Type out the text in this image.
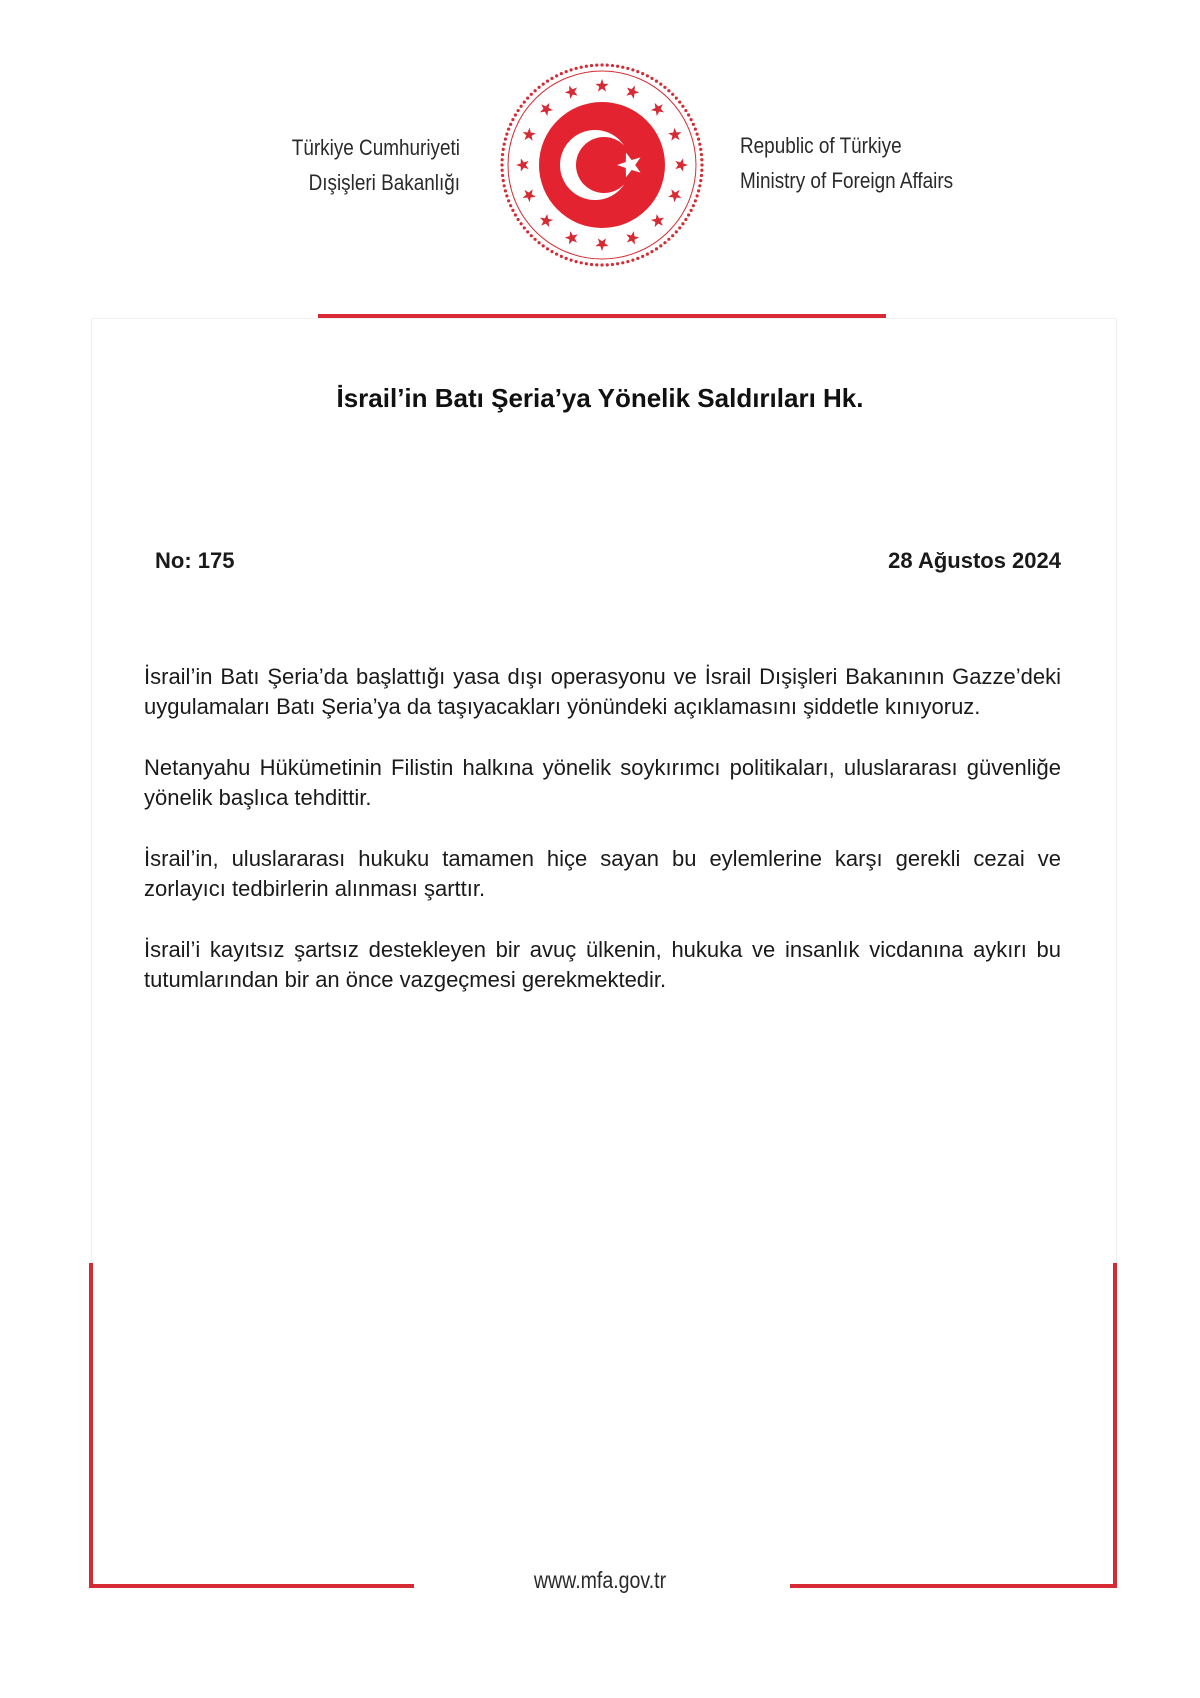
Türkiye Cumhuriyeti
Dışişleri Bakanlığı
Republic of Türkiye
Ministry of Foreign Affairs
İsrail’in Batı Şeria’ya Yönelik Saldırıları Hk.
No: 175	28 Ağustos 2024

İsrail’in Batı Şeria’da başlattığı yasa dışı operasyonu ve İsrail Dışişleri Bakanının Gazze’deki uygulamaları Batı Şeria’ya da taşıyacakları yönündeki açıklamasını şiddetle kınıyoruz.

Netanyahu Hükümetinin Filistin halkına yönelik soykırımcı politikaları, uluslararası güvenliğe yönelik başlıca tehdittir.

İsrail’in, uluslararası hukuku tamamen hiçe sayan bu eylemlerine karşı gerekli cezai ve zorlayıcı tedbirlerin alınması şarttır.

İsrail’i kayıtsız şartsız destekleyen bir avuç ülkenin, hukuka ve insanlık vicdanına aykırı bu tutumlarından bir an önce vazgeçmesi gerekmektedir.

www.mfa.gov.tr
